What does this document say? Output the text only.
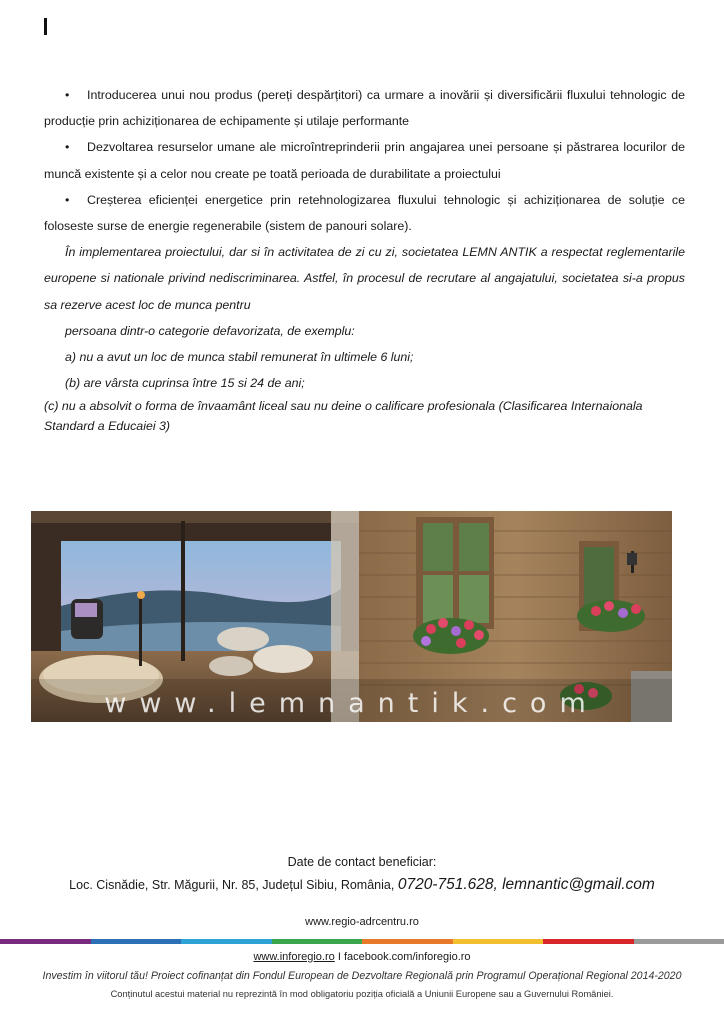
• Introducerea unui nou produs (pereți despărțitori) ca urmare a inovării și diversificării fluxului tehnologic de producție prin achiziționarea de echipamente și utilaje performante

• Dezvoltarea resurselor umane ale microîntreprinderii prin angajarea unei persoane și păstrarea locurilor de muncă existente și a celor nou create pe toată perioada de durabilitate a proiectului

• Creșterea eficienței energetice prin retehnologizarea fluxului tehnologic și achiziționarea de soluție ce foloseste surse de energie regenerabile (sistem de panouri solare).

În implementarea proiectului, dar si în activitatea de zi cu zi, societatea LEMN ANTIK a respectat reglementarile europene si nationale privind nediscriminarea. Astfel, în procesul de recrutare al angajatului, societatea si-a propus sa rezerve acest loc de munca pentru

persoana dintr-o categorie defavorizata, de exemplu:

a) nu a avut un loc de munca stabil remunerat în ultimele 6 luni;

(b) are vârsta cuprinsa între 15 si 24 de ani;

(c) nu a absolvit o forma de învaamânt liceal sau nu deine o calificare profesionala (Clasificarea Internaionala Standard a Educaiei 3)

www.lemnantik.com
Date de contact beneficiar:
Loc. Cisnădie, Str. Măgurii, Nr. 85, Județul Sibiu, România, 0720-751.628, lemnantic@gmail.com
www.regio-adrcentru.ro
www.inforegio.ro I facebook.com/inforegio.ro
Investim în viitorul tău! Proiect cofinanțat din Fondul European de Dezvoltare Regională prin Programul Operațional Regional 2014-2020
Conținutul acestui material nu reprezintă în mod obligatoriu poziția oficială a Uniunii Europene sau a Guvernului României.
